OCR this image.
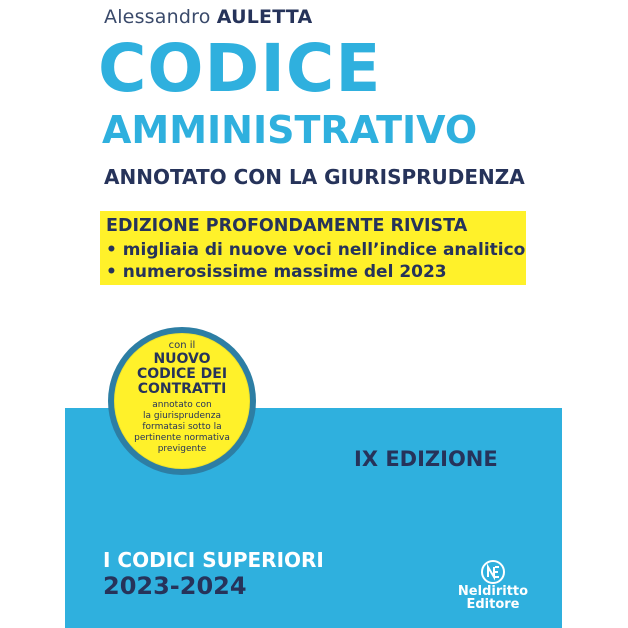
Alessandro AULETTA
CODICE
AMMINISTRATIVO
ANNOTATO CON LA GIURISPRUDENZA
EDIZIONE PROFONDAMENTE RIVISTA
• migliaia di nuove voci nell’indice analitico
• numerosissime massime del 2023
con il
NUOVO
CODICE DEI
CONTRATTI
annotato con
la giurisprudenza
formatasi sotto la
pertinente normativa
previgente	IX EDIZIONE
I CODICI SUPERIORI
2023-2024	Neldiritto
Editore
